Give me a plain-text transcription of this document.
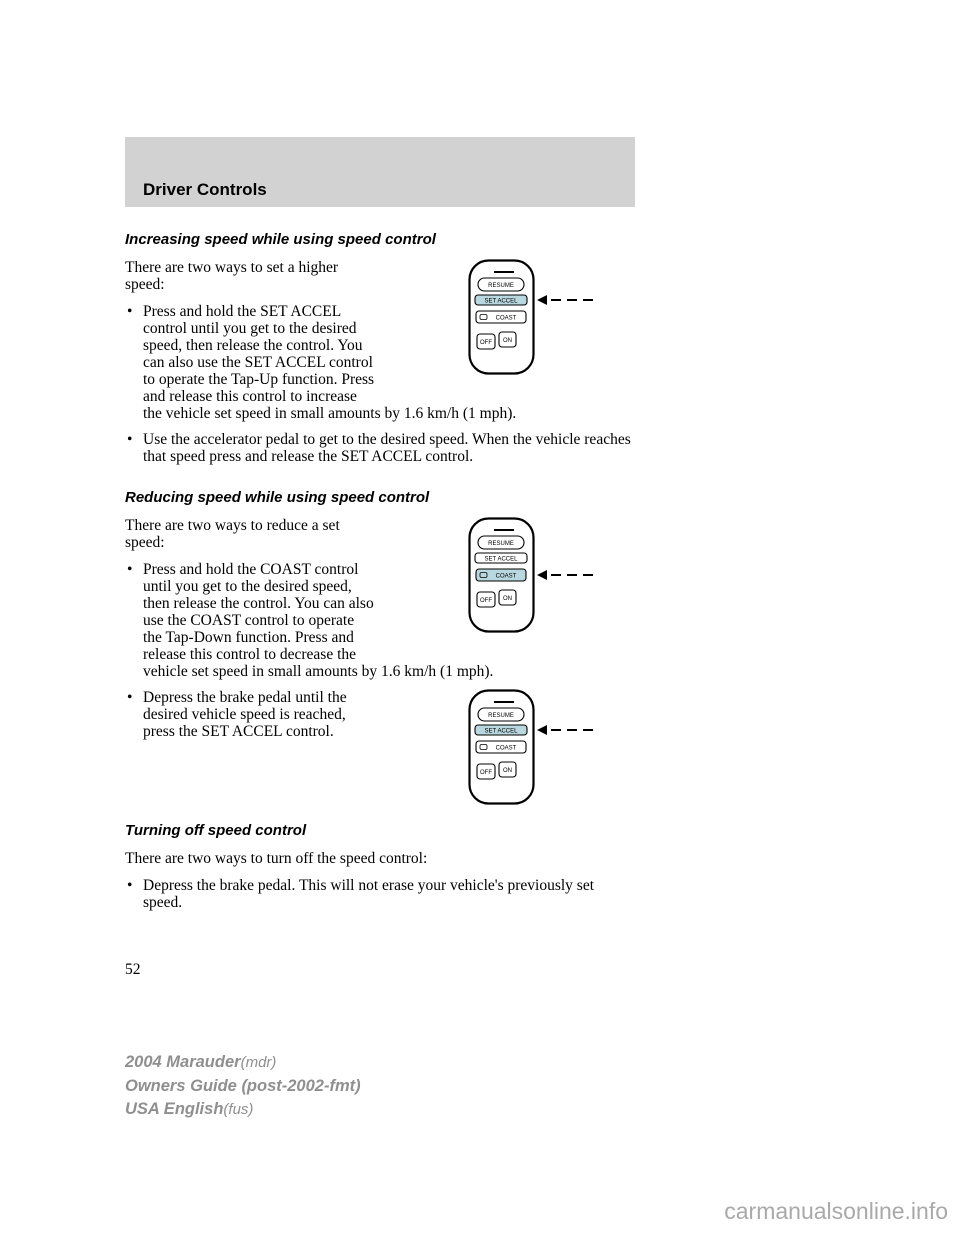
Driver Controls
Increasing speed while using speed control
RESUME
SET ACCEL
COAST
OFF ON

There are two ways to set a higher speed:

• Press and hold the SET ACCEL control until you get to the desired speed, then release the control. You can also use the SET ACCEL control to operate the Tap-Up function. Press and release this control to increase the vehicle set speed in small amounts by 1.6 km/h (1 mph).
• Use the accelerator pedal to get to the desired speed. When the vehicle reaches that speed press and release the SET ACCEL control.
Reducing speed while using speed control
RESUME
SET ACCEL
COAST
OFF ON

There are two ways to reduce a set speed:

• Press and hold the COAST control until you get to the desired speed, then release the control. You can also use the COAST control to operate the Tap-Down function. Press and release this control to decrease the vehicle set speed in small amounts by 1.6 km/h (1 mph).
• RESUME
SET ACCEL
COAST
OFF ON
Depress the brake pedal until the desired vehicle speed is reached, press the SET ACCEL control.
Turning off speed control

There are two ways to turn off the speed control:

• Depress the brake pedal. This will not erase your vehicle's previously set speed.
52
2004 Marauder(mdr)
Owners Guide (post-2002-fmt)
USA English(fus)
carmanualsonline.info
